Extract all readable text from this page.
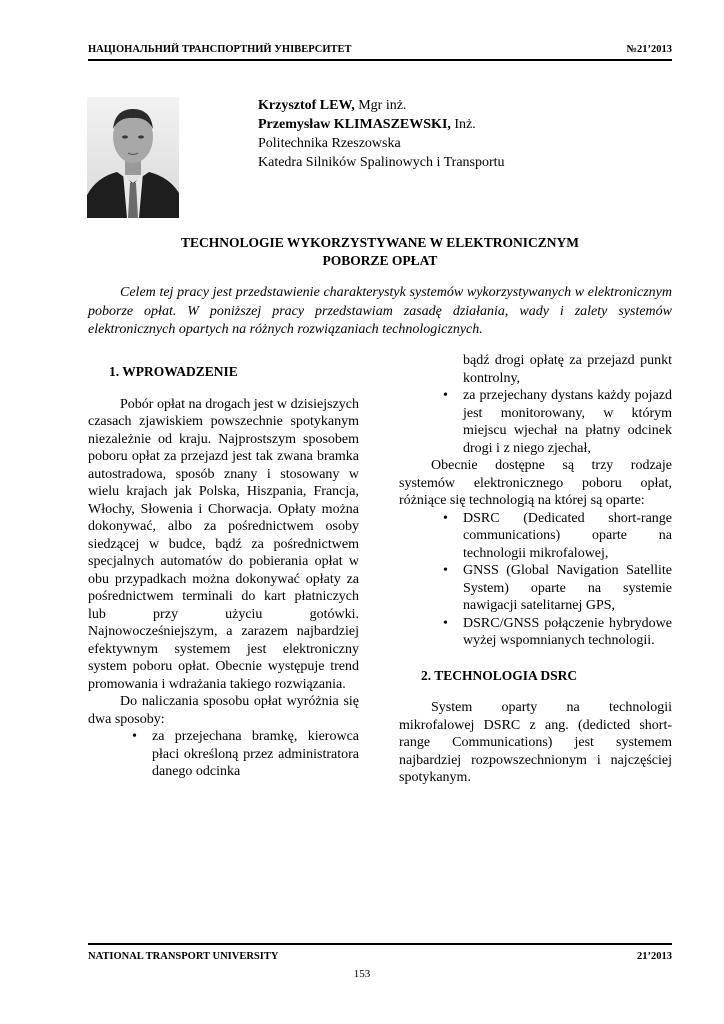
НАЦІОНАЛЬНИЙ ТРАНСПОРТНИЙ УНІВЕРСИТЕТ	№21’2013
Krzysztof LEW, Mgr inż.
Przemysław KLIMASZEWSKI, Inż.
Politechnika Rzeszowska
Katedra Silników Spalinowych i Transportu
TECHNOLOGIE WYKORZYSTYWANE W ELEKTRONICZNYM
POBORZE OPŁAT

Celem tej pracy jest przedstawienie charakterystyk systemów wykorzystywanych w elektronicznym poborze opłat. W poniższej pracy przedstawiam zasadę działania, wady i zalety systemów elektronicznych opartych na różnych rozwiązaniach technologicznych.

1. WPROWADZENIE

Pobór opłat na drogach jest w dzisiejszych czasach zjawiskiem powszechnie spotykanym niezależnie od kraju. Najprostszym sposobem poboru opłat za przejazd jest tak zwana bramka autostradowa, sposób znany i stosowany w wielu krajach jak Polska, Hiszpania, Francja, Włochy, Słowenia i Chorwacja. Opłaty można dokonywać, albo za pośrednictwem osoby siedzącej w budce, bądź za pośrednictwem specjalnych automatów do pobierania opłat w obu przypadkach można dokonywać opłaty za pośrednictwem terminali do kart płatniczych lub przy użyciu gotówki. Najnowocześniejszym, a zarazem najbardziej efektywnym systemem jest elektroniczny system poboru opłat. Obecnie występuje trend promowania i wdrażania takiego rozwiązania.

Do naliczania sposobu opłat wyróżnia się dwa sposoby:

• za przejechana bramkę, kierowca płaci określoną przez administratora danego odcinka
bądź drogi opłatę za przejazd punkt kontrolny,
• za przejechany dystans każdy pojazd jest monitorowany, w którym miejscu wjechał na płatny odcinek drogi i z niego zjechał,

Obecnie dostępne są trzy rodzaje systemów elektronicznego poboru opłat, różniące się technologią na której są oparte:

• DSRC (Dedicated short-range communications) oparte na technologii mikrofalowej,
• GNSS (Global Navigation Satellite System) oparte na systemie nawigacji satelitarnej GPS,
• DSRC/GNSS połączenie hybrydowe wyżej wspomnianych technologii.
2. TECHNOLOGIA DSRC

System oparty na technologii mikrofalowej DSRC z ang. (dedicted short-range Communications) jest systemem najbardziej rozpowszechnionym i najczęściej spotykanym.

NATIONAL TRANSPORT UNIVERSITY	21’2013
153
